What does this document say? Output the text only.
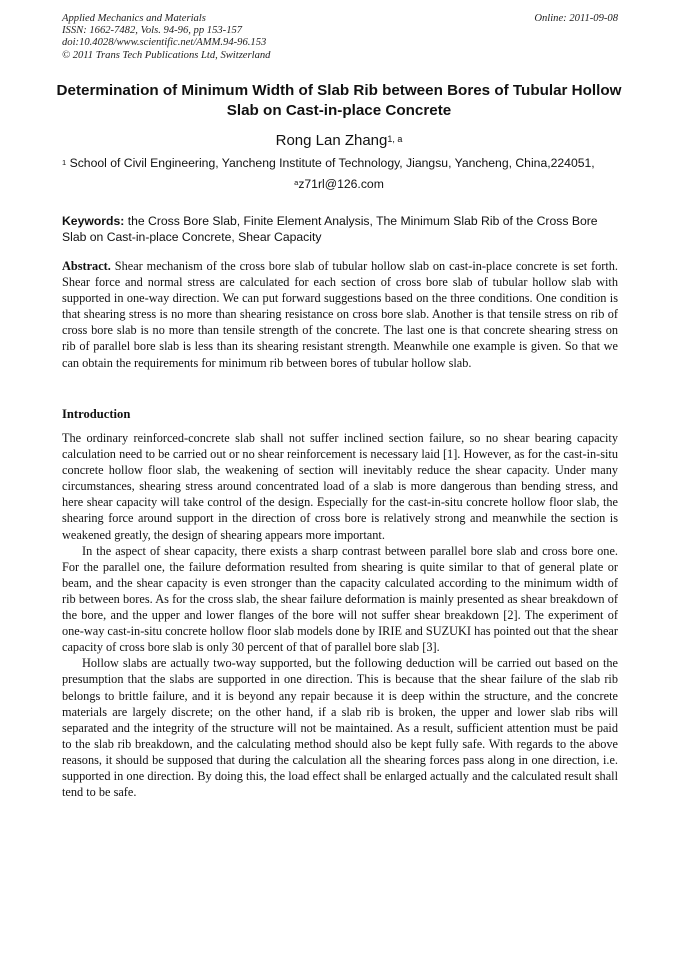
Applied Mechanics and Materials
ISSN: 1662-7482, Vols. 94-96, pp 153-157
doi:10.4028/www.scientific.net/AMM.94-96.153
© 2011 Trans Tech Publications Ltd, Switzerland
Online: 2011-09-08
Determination of Minimum Width of Slab Rib between Bores of Tubular Hollow Slab on Cast-in-place Concrete
Rong Lan Zhang$^{1, a}$
$^1$ School of Civil Engineering, Yancheng Institute of Technology, Jiangsu, Yancheng, China,224051,
$^a$z71rl@126.com
Keywords: the Cross Bore Slab, Finite Element Analysis, The Minimum Slab Rib of the Cross Bore Slab on Cast-in-place Concrete, Shear Capacity
Abstract. Shear mechanism of the cross bore slab of tubular hollow slab on cast-in-place concrete is set forth. Shear force and normal stress are calculated for each section of cross bore slab of tubular hollow slab with supported in one-way direction. We can put forward suggestions based on the three conditions. One condition is that shearing stress is no more than shearing resistance on cross bore slab. Another is that tensile stress on rib of cross bore slab is no more than tensile strength of the concrete. The last one is that concrete shearing stress on rib of parallel bore slab is less than its shearing resistant strength. Meanwhile one example is given. So that we can obtain the requirements for minimum rib between bores of tubular hollow slab.
Introduction

The ordinary reinforced-concrete slab shall not suffer inclined section failure, so no shear bearing capacity calculation need to be carried out or no shear reinforcement is necessary laid [1]. However, as for the cast-in-situ concrete hollow floor slab, the weakening of section will inevitably reduce the shear capacity. Under many circumstances, shearing stress around concentrated load of a slab is more dangerous than bending stress, and here shear capacity will take control of the design. Especially for the cast-in-situ concrete hollow floor slab, the shearing force around support in the direction of cross bore is relatively strong and meanwhile the section is weakened greatly, the design of shearing appears more important.

In the aspect of shear capacity, there exists a sharp contrast between parallel bore slab and cross bore one. For the parallel one, the failure deformation resulted from shearing is quite similar to that of general plate or beam, and the shear capacity is even stronger than the capacity calculated according to the minimum width of rib between bores. As for the cross slab, the shear failure deformation is mainly presented as shear breakdown of the bore, and the upper and lower flanges of the bore will not suffer shear breakdown [2]. The experiment of one-way cast-in-situ concrete hollow floor slab models done by IRIE and SUZUKI has pointed out that the shear capacity of cross bore slab is only 30 percent of that of parallel bore slab [3].

Hollow slabs are actually two-way supported, but the following deduction will be carried out based on the presumption that the slabs are supported in one direction. This is because that the shear failure of the slab rib belongs to brittle failure, and it is beyond any repair because it is deep within the structure, and the concrete materials are largely discrete; on the other hand, if a slab rib is broken, the upper and lower slab ribs will separated and the integrity of the structure will not be maintained. As a result, sufficient attention must be paid to the slab rib breakdown, and the calculating method should also be kept fully safe. With regards to the above reasons, it should be supposed that during the calculation all the shearing forces pass along in one direction, i.e. supported in one direction. By doing this, the load effect shall be enlarged actually and the calculated result shall tend to be safe.
